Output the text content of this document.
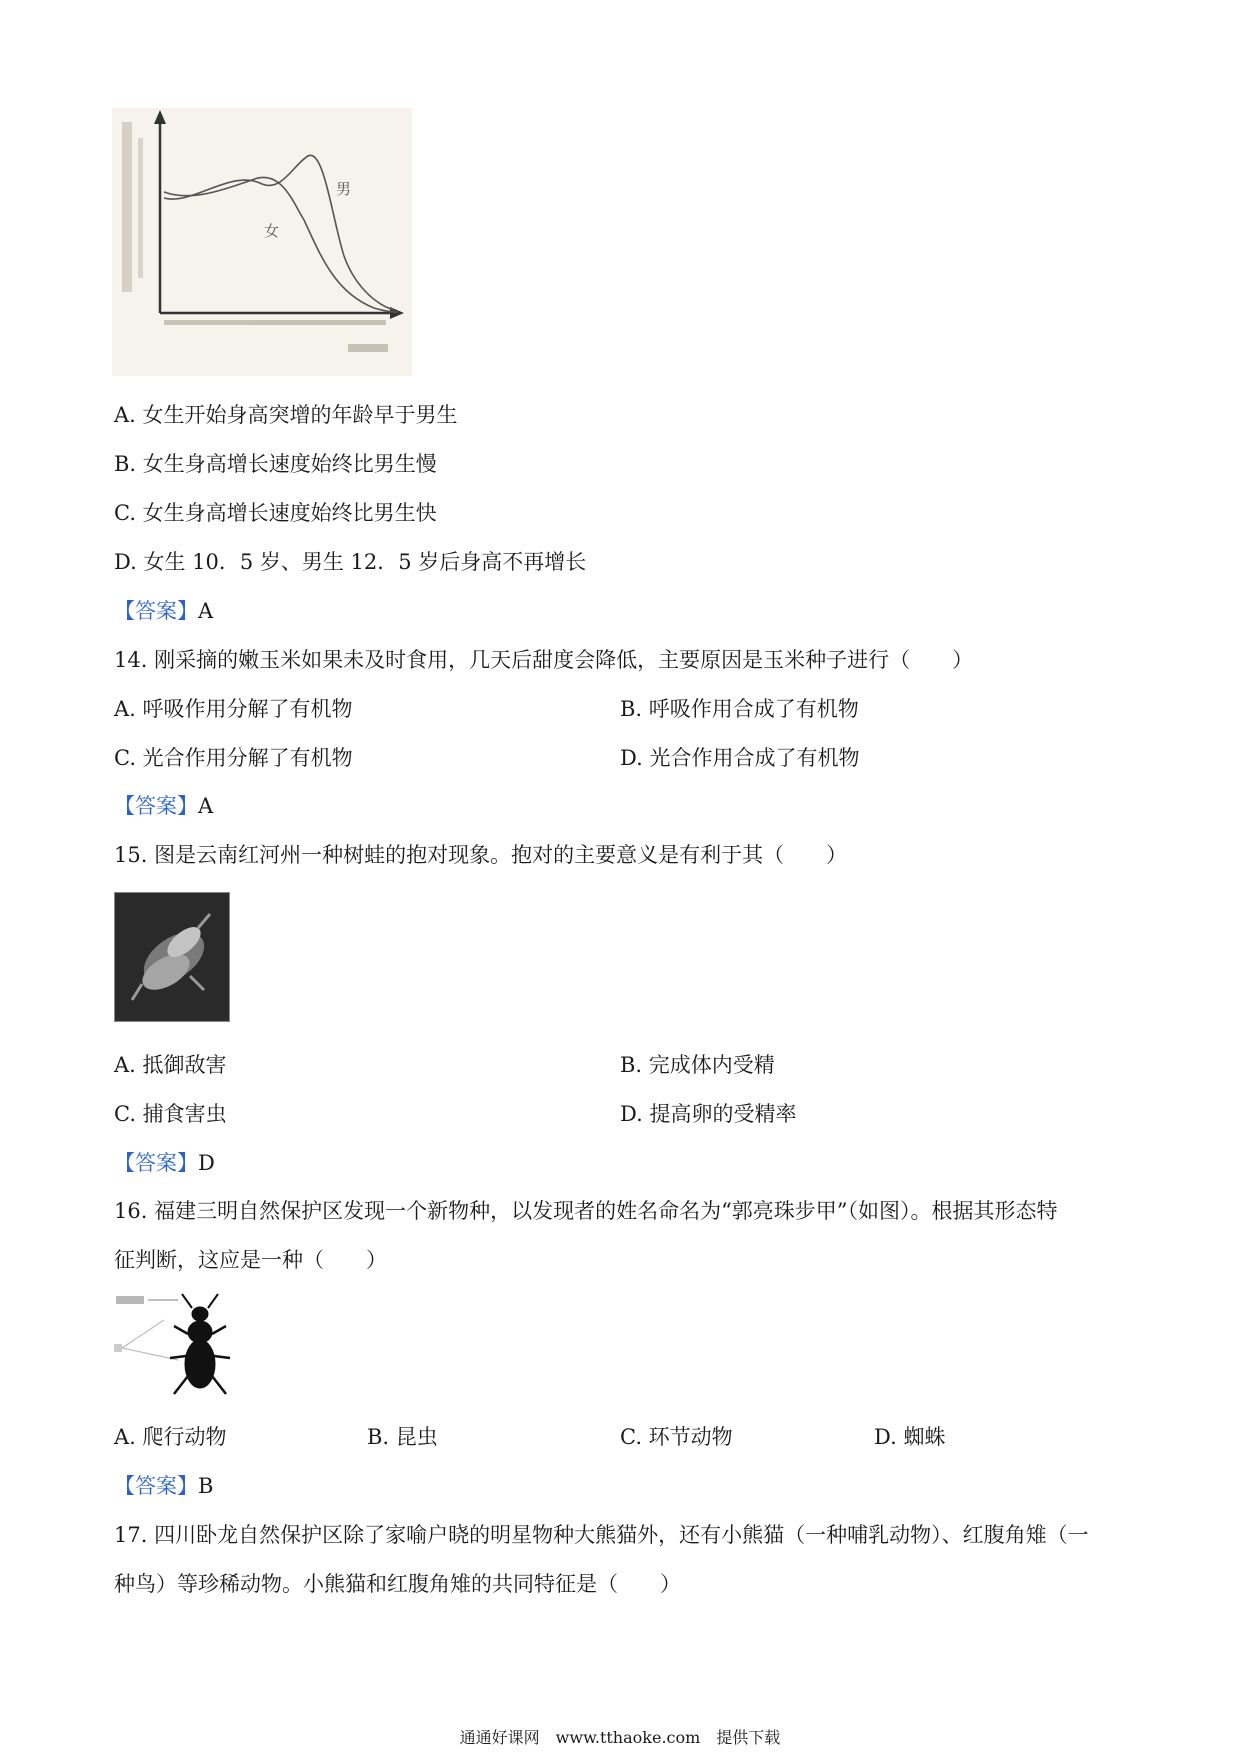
男
女
A. 女生开始身高突增的年龄早于男生
B. 女生身高增长速度始终比男生慢
C. 女生身高增长速度始终比男生快
D. 女生 10．5 岁、男生 12．5 岁后身高不再增长
【答案】A
14. 刚采摘的嫩玉米如果未及时食用，几天后甜度会降低，主要原因是玉米种子进行（　　）
A. 呼吸作用分解了有机物	B. 呼吸作用合成了有机物
C. 光合作用分解了有机物	D. 光合作用合成了有机物
【答案】A
15. 图是云南红河州一种树蛙的抱对现象。抱对的主要意义是有利于其（　　）
A. 抵御敌害	B. 完成体内受精
C. 捕食害虫	D. 提高卵的受精率
【答案】D
16. 福建三明自然保护区发现一个新物种，以发现者的姓名命名为“郭亮珠步甲”（如图）。根据其形态特
征判断，这应是一种（　　）
A. 爬行动物	B. 昆虫	C. 环节动物	D. 蜘蛛
【答案】B
17. 四川卧龙自然保护区除了家喻户晓的明星物种大熊猫外，还有小熊猫（一种哺乳动物）、红腹角雉（一
种鸟）等珍稀动物。小熊猫和红腹角雉的共同特征是（　　）
通通好课网　www.tthaoke.com　提供下载
